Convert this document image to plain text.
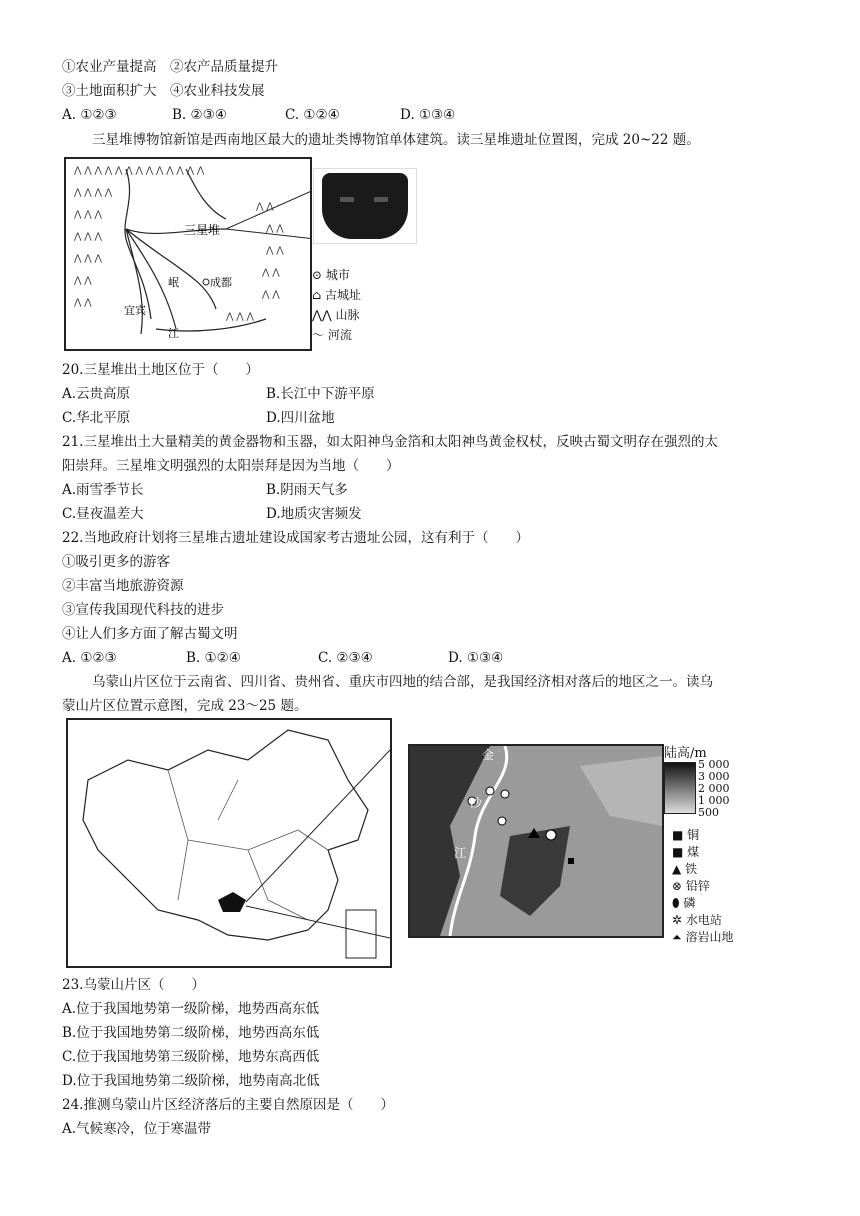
①农业产量提高　②农产品质量提升
③土地面积扩大　④农业科技发展
A. ①②③	B. ②③④	C. ①②④	D. ①③④
三星堆博物馆新馆是西南地区最大的遗址类博物馆单体建筑。读三星堆遗址位置图，完成 20~22 题。
⋀ ⋀ ⋀ ⋀ ⋀ ⋀ ⋀ ⋀ ⋀ ⋀ ⋀ ⋀ ⋀
⋀ ⋀ ⋀ ⋀
⋀ ⋀ ⋀
⋀ ⋀ ⋀
⋀ ⋀ ⋀
⋀ ⋀
⋀ ⋀
⋀ ⋀
⋀ ⋀
⋀ ⋀
⋀ ⋀
⋀ ⋀
⋀ ⋀ ⋀
成都
三星堆
岷
江
宜宾
⊙ 城市
⌂ 古城址
⋀⋀ 山脉
〜 河流
20.三星堆出土地区位于（　　）
A.云贵高原	B.长江中下游平原
C.华北平原	D.四川盆地
21.三星堆出土大量精美的黄金器物和玉器，如太阳神鸟金箔和太阳神鸟黄金权杖，反映古蜀文明存在强烈的太
阳崇拜。三星堆文明强烈的太阳崇拜是因为当地（　　）
A.雨雪季节长	B.阴雨天气多
C.昼夜温差大	D.地质灾害频发
22.当地政府计划将三星堆古遗址建设成国家考古遗址公园，这有利于（　　）
①吸引更多的游客
②丰富当地旅游资源
③宣传我国现代科技的进步
④让人们多方面了解古蜀文明
A. ①②③	B. ①②④	C. ②③④	D. ①③④
乌蒙山片区位于云南省、四川省、贵州省、重庆市四地的结合部，是我国经济相对落后的地区之一。读乌
蒙山片区位置示意图，完成 23～25 题。
金
沙
江
陆高/m
5 000
3 000
2 000
1 000
500
■ 铜
■ 煤
▲ 铁
⊗ 铅锌
⬮ 磷
✲ 水电站
⏶ 溶岩山地
23.乌蒙山片区（　　）
A.位于我国地势第一级阶梯，地势西高东低
B.位于我国地势第二级阶梯，地势西高东低
C.位于我国地势第三级阶梯，地势东高西低
D.位于我国地势第二级阶梯，地势南高北低
24.推测乌蒙山片区经济落后的主要自然原因是（　　）
A.气候寒冷，位于寒温带
